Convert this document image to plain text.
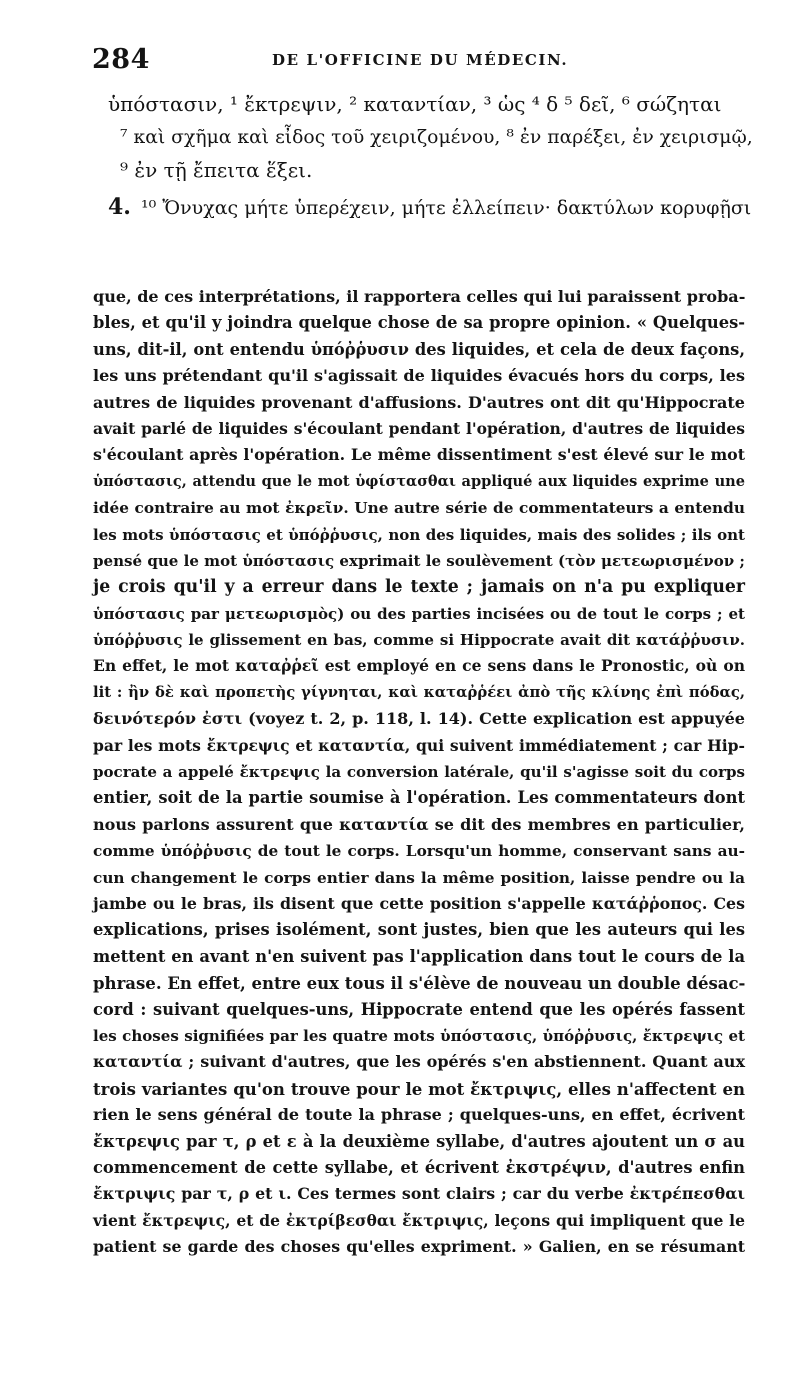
284	DE L'OFFICINE DU MÉDECIN.
ὑπόστασιν, ¹ ἔκτρεψιν, ² καταντίαν, ³ ὡς ⁴ δ ⁵ δεῖ, ⁶ σώζηται
⁷ καὶ σχῆμα καὶ εἶδος τοῦ χειριζομένου, ⁸ ἐν παρέξει, ἐν χειρισμῷ,
⁹ ἐν τῇ ἔπειτα ἕξει.
4. ¹⁰ Ὄνυχας μήτε ὑπερέχειν, μήτε ἐλλείπειν· δακτύλων κορυφῇσι
que, de ces interprétations, il rapportera celles qui lui paraissent proba-
bles, et qu'il y joindra quelque chose de sa propre opinion. « Quelques-
uns, dit-il, ont entendu ὑπόῤῥυσιν des liquides, et cela de deux façons,
les uns prétendant qu'il s'agissait de liquides évacués hors du corps, les
autres de liquides provenant d'affusions. D'autres ont dit qu'Hippocrate
avait parlé de liquides s'écoulant pendant l'opération, d'autres de liquides
s'écoulant après l'opération. Le même dissentiment s'est élevé sur le mot
ὑπόστασις, attendu que le mot ὑφίστασθαι appliqué aux liquides exprime une
idée contraire au mot ἐκρεῖν. Une autre série de commentateurs a entendu
les mots ὑπόστασις et ὑπόῤῥυσις, non des liquides, mais des solides ; ils ont
pensé que le mot ὑπόστασις exprimait le soulèvement (τὸν μετεωρισμένον ;
je crois qu'il y a erreur dans le texte ; jamais on n'a pu expliquer
ὑπόστασις par μετεωρισμὸς) ou des parties incisées ou de tout le corps ; et
ὑπόῤῥυσις le glissement en bas, comme si Hippocrate avait dit κατάῤῥυσιν.
En effet, le mot καταῤῥεῖ est employé en ce sens dans le Pronostic, où on
lit : ἢν δὲ καὶ προπετὴς γίγνηται, καὶ καταῤῥέει ἀπὸ τῆς κλίνης ἐπὶ πόδας,
δεινότερόν ἐστι (voyez t. 2, p. 118, l. 14). Cette explication est appuyée
par les mots ἔκτρεψις et καταντία, qui suivent immédiatement ; car Hip-
pocrate a appelé ἔκτρεψις la conversion latérale, qu'il s'agisse soit du corps
entier, soit de la partie soumise à l'opération. Les commentateurs dont
nous parlons assurent que καταντία se dit des membres en particulier,
comme ὑπόῤῥυσις de tout le corps. Lorsqu'un homme, conservant sans au-
cun changement le corps entier dans la même position, laisse pendre ou la
jambe ou le bras, ils disent que cette position s'appelle κατάῤῥοπος. Ces
explications, prises isolément, sont justes, bien que les auteurs qui les
mettent en avant n'en suivent pas l'application dans tout le cours de la
phrase. En effet, entre eux tous il s'élève de nouveau un double désac-
cord : suivant quelques-uns, Hippocrate entend que les opérés fassent
les choses signifiées par les quatre mots ὑπόστασις, ὑπόῤῥυσις, ἔκτρεψις et
καταντία ; suivant d'autres, que les opérés s'en abstiennent. Quant aux
trois variantes qu'on trouve pour le mot ἔκτριψις, elles n'affectent en
rien le sens général de toute la phrase ; quelques-uns, en effet, écrivent
ἔκτρεψις par τ, ρ et ε à la deuxième syllabe, d'autres ajoutent un σ au
commencement de cette syllabe, et écrivent ἐκστρέψιν, d'autres enfin
ἔκτριψις par τ, ρ et ι. Ces termes sont clairs ; car du verbe ἐκτρέπεσθαι
vient ἔκτρεψις, et de ἐκτρίβεσθαι ἔκτριψις, leçons qui impliquent que le
patient se garde des choses qu'elles expriment. » Galien, en se résumant
